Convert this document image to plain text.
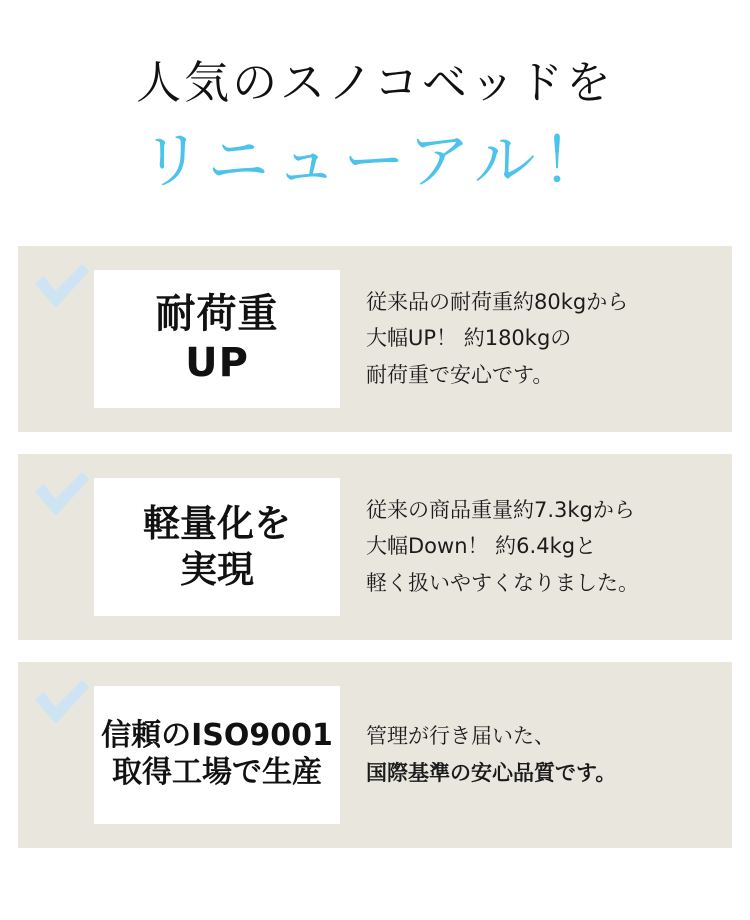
人気のスノコベッドを
リニューアル！
耐荷重
UP
従来品の耐荷重約80kgから
大幅UP！ 約180kgの
耐荷重で安心です。
軽量化を
実現
従来の商品重量約7.3kgから
大幅Down！ 約6.4kgと
軽く扱いやすくなりました。
信頼のISO9001
取得工場で生産
管理が行き届いた、
国際基準の安心品質です。
